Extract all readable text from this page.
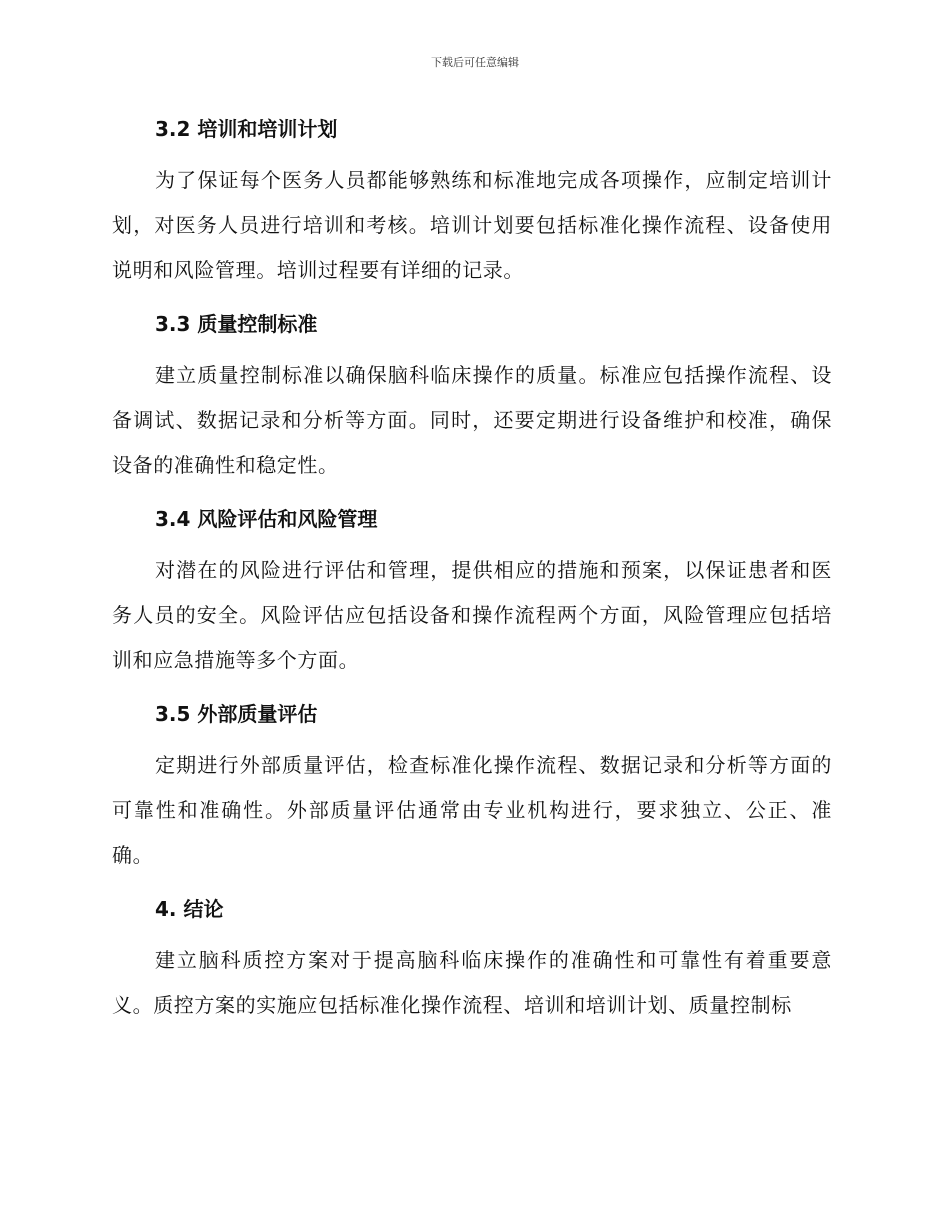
下载后可任意编辑
3.2 培训和培训计划

为了保证每个医务人员都能够熟练和标准地完成各项操作，应制定培训计划，对医务人员进行培训和考核。培训计划要包括标准化操作流程、设备使用说明和风险管理。培训过程要有详细的记录。

3.3 质量控制标准

建立质量控制标准以确保脑科临床操作的质量。标准应包括操作流程、设备调试、数据记录和分析等方面。同时，还要定期进行设备维护和校准，确保设备的准确性和稳定性。

3.4 风险评估和风险管理

对潜在的风险进行评估和管理，提供相应的措施和预案，以保证患者和医务人员的安全。风险评估应包括设备和操作流程两个方面，风险管理应包括培训和应急措施等多个方面。

3.5 外部质量评估

定期进行外部质量评估，检查标准化操作流程、数据记录和分析等方面的可靠性和准确性。外部质量评估通常由专业机构进行，要求独立、公正、准确。

4. 结论

建立脑科质控方案对于提高脑科临床操作的准确性和可靠性有着重要意义。质控方案的实施应包括标准化操作流程、培训和培训计划、质量控制标
